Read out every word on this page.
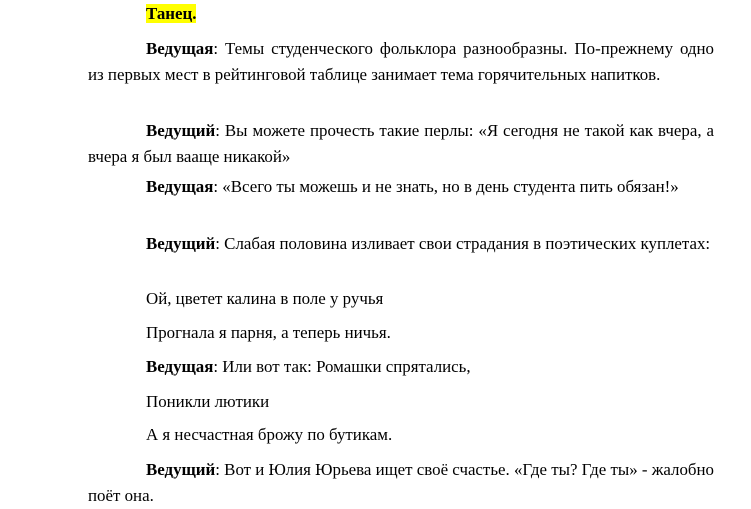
Танец.
Ведущая: Темы студенческого фольклора разнообразны. По-прежнему одно из первых мест в рейтинговой таблице занимает тема горячительных напитков.
Ведущий: Вы можете прочесть такие перлы: «Я сегодня не такой как вчера, а вчера я был вааще никакой»
Ведущая: «Всего ты можешь и не знать, но в день студента пить обязан!»
Ведущий: Слабая половина изливает свои страдания в поэтических куплетах:
Ой, цветет калина в поле у ручья
Прогнала я парня, а теперь ничья.
Ведущая: Или вот так: Ромашки спрятались,
Поникли лютики
А я несчастная брожу по бутикам.
Ведущий: Вот и Юлия Юрьева ищет своё счастье. «Где ты? Где ты» - жалобно поёт она.
